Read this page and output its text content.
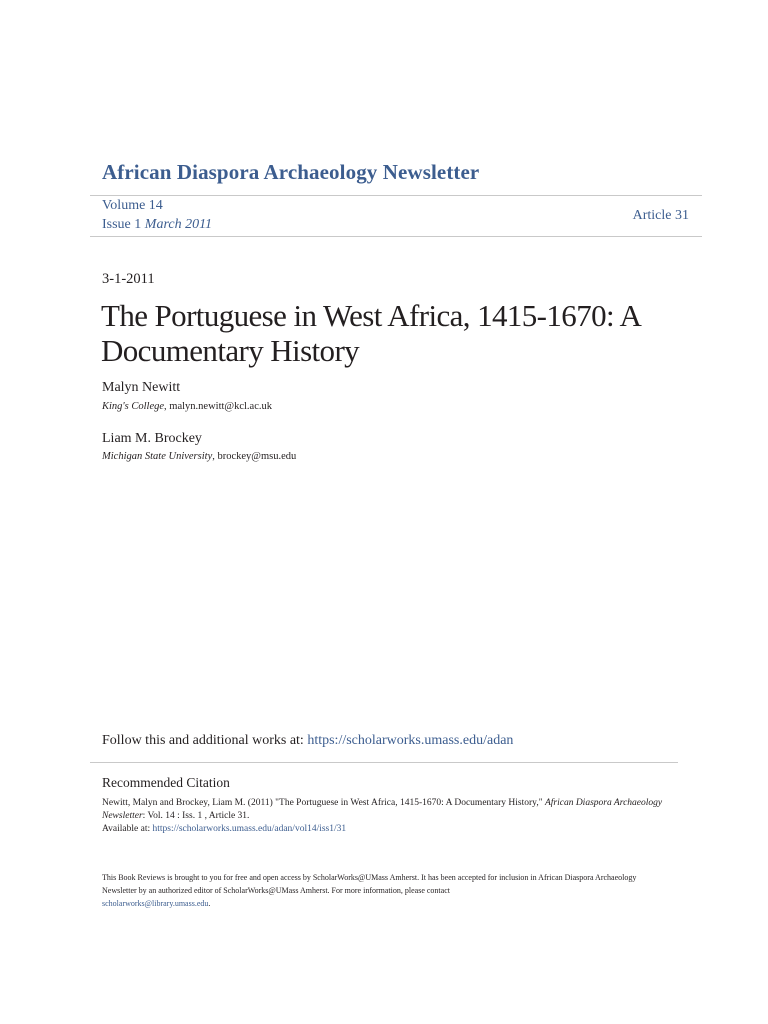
African Diaspora Archaeology Newsletter
Volume 14
Issue 1 March 2011
Article 31
3-1-2011
The Portuguese in West Africa, 1415-1670: A Documentary History
Malyn Newitt
King's College, malyn.newitt@kcl.ac.uk
Liam M. Brockey
Michigan State University, brockey@msu.edu
Follow this and additional works at: https://scholarworks.umass.edu/adan
Recommended Citation
Newitt, Malyn and Brockey, Liam M. (2011) "The Portuguese in West Africa, 1415-1670: A Documentary History," African Diaspora Archaeology Newsletter: Vol. 14 : Iss. 1 , Article 31.
Available at: https://scholarworks.umass.edu/adan/vol14/iss1/31
This Book Reviews is brought to you for free and open access by ScholarWorks@UMass Amherst. It has been accepted for inclusion in African Diaspora Archaeology Newsletter by an authorized editor of ScholarWorks@UMass Amherst. For more information, please contact
scholarworks@library.umass.edu.
